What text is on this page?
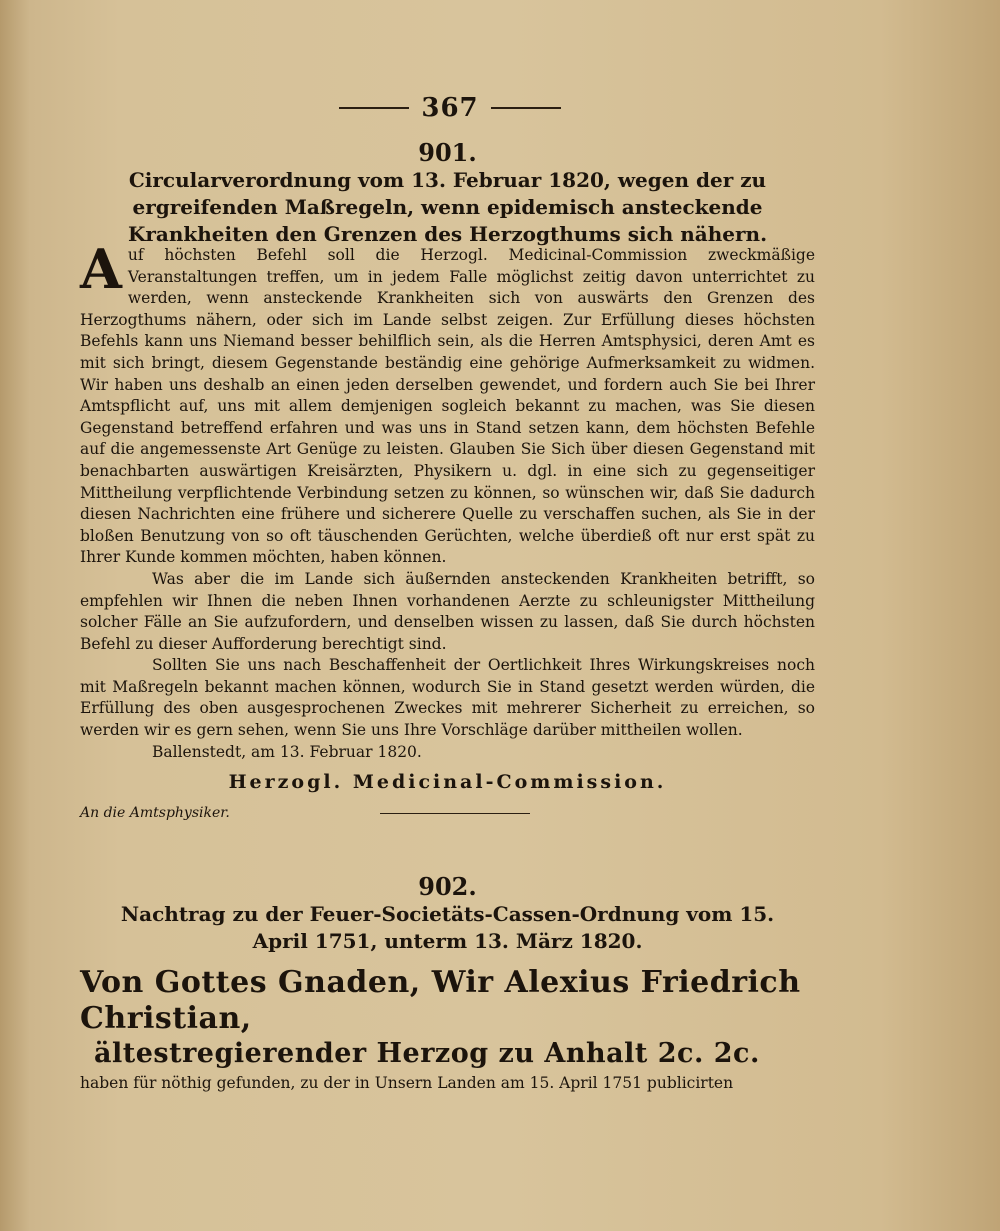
367
901.
Circularverordnung vom 13. Februar 1820, wegen der zu ergreifenden Maßregeln, wenn epidemisch ansteckende Krankheiten den Grenzen des Herzogthums sich nähern.
Auf höchsten Befehl soll die Herzogl. Medicinal-Commission zweckmäßige Veranstaltungen treffen, um in jedem Falle möglichst zeitig davon unterrichtet zu werden, wenn ansteckende Krankheiten sich von auswärts den Grenzen des Herzogthums nähern, oder sich im Lande selbst zeigen. Zur Erfüllung dieses höchsten Befehls kann uns Niemand besser behilflich sein, als die Herren Amtsphysici, deren Amt es mit sich bringt, diesem Gegenstande beständig eine gehörige Aufmerksamkeit zu widmen. Wir haben uns deshalb an einen jeden derselben gewendet, und fordern auch Sie bei Ihrer Amtspflicht auf, uns mit allem demjenigen sogleich bekannt zu machen, was Sie diesen Gegenstand betreffend erfahren und was uns in Stand setzen kann, dem höchsten Befehle auf die angemessenste Art Genüge zu leisten. Glauben Sie Sich über diesen Gegenstand mit benachbarten auswärtigen Kreisärzten, Physikern u. dgl. in eine sich zu gegenseitiger Mittheilung verpflichtende Verbindung setzen zu können, so wünschen wir, daß Sie dadurch diesen Nachrichten eine frühere und sicherere Quelle zu verschaffen suchen, als Sie in der bloßen Benutzung von so oft täuschenden Gerüchten, welche überdieß oft nur erst spät zu Ihrer Kunde kommen möchten, haben können.
Was aber die im Lande sich äußernden ansteckenden Krankheiten betrifft, so empfehlen wir Ihnen die neben Ihnen vorhandenen Aerzte zu schleunigster Mittheilung solcher Fälle an Sie aufzufordern, und denselben wissen zu lassen, daß Sie durch höchsten Befehl zu dieser Aufforderung berechtigt sind.
Sollten Sie uns nach Beschaffenheit der Oertlichkeit Ihres Wirkungskreises noch mit Maßregeln bekannt machen können, wodurch Sie in Stand gesetzt werden würden, die Erfüllung des oben ausgesprochenen Zweckes mit mehrerer Sicherheit zu erreichen, so werden wir es gern sehen, wenn Sie uns Ihre Vorschläge darüber mittheilen wollen.
Ballenstedt, am 13. Februar 1820.
Herzogl. Medicinal-Commission.
An die Amtsphysiker.
902.
Nachtrag zu der Feuer-Societäts-Cassen-Ordnung vom 15. April 1751, unterm 13. März 1820.
Von Gottes Gnaden, Wir Alexius Friedrich Christian,
ältestregierender Herzog zu Anhalt 2c. 2c.
haben für nöthig gefunden, zu der in Unsern Landen am 15. April 1751 publicirten
